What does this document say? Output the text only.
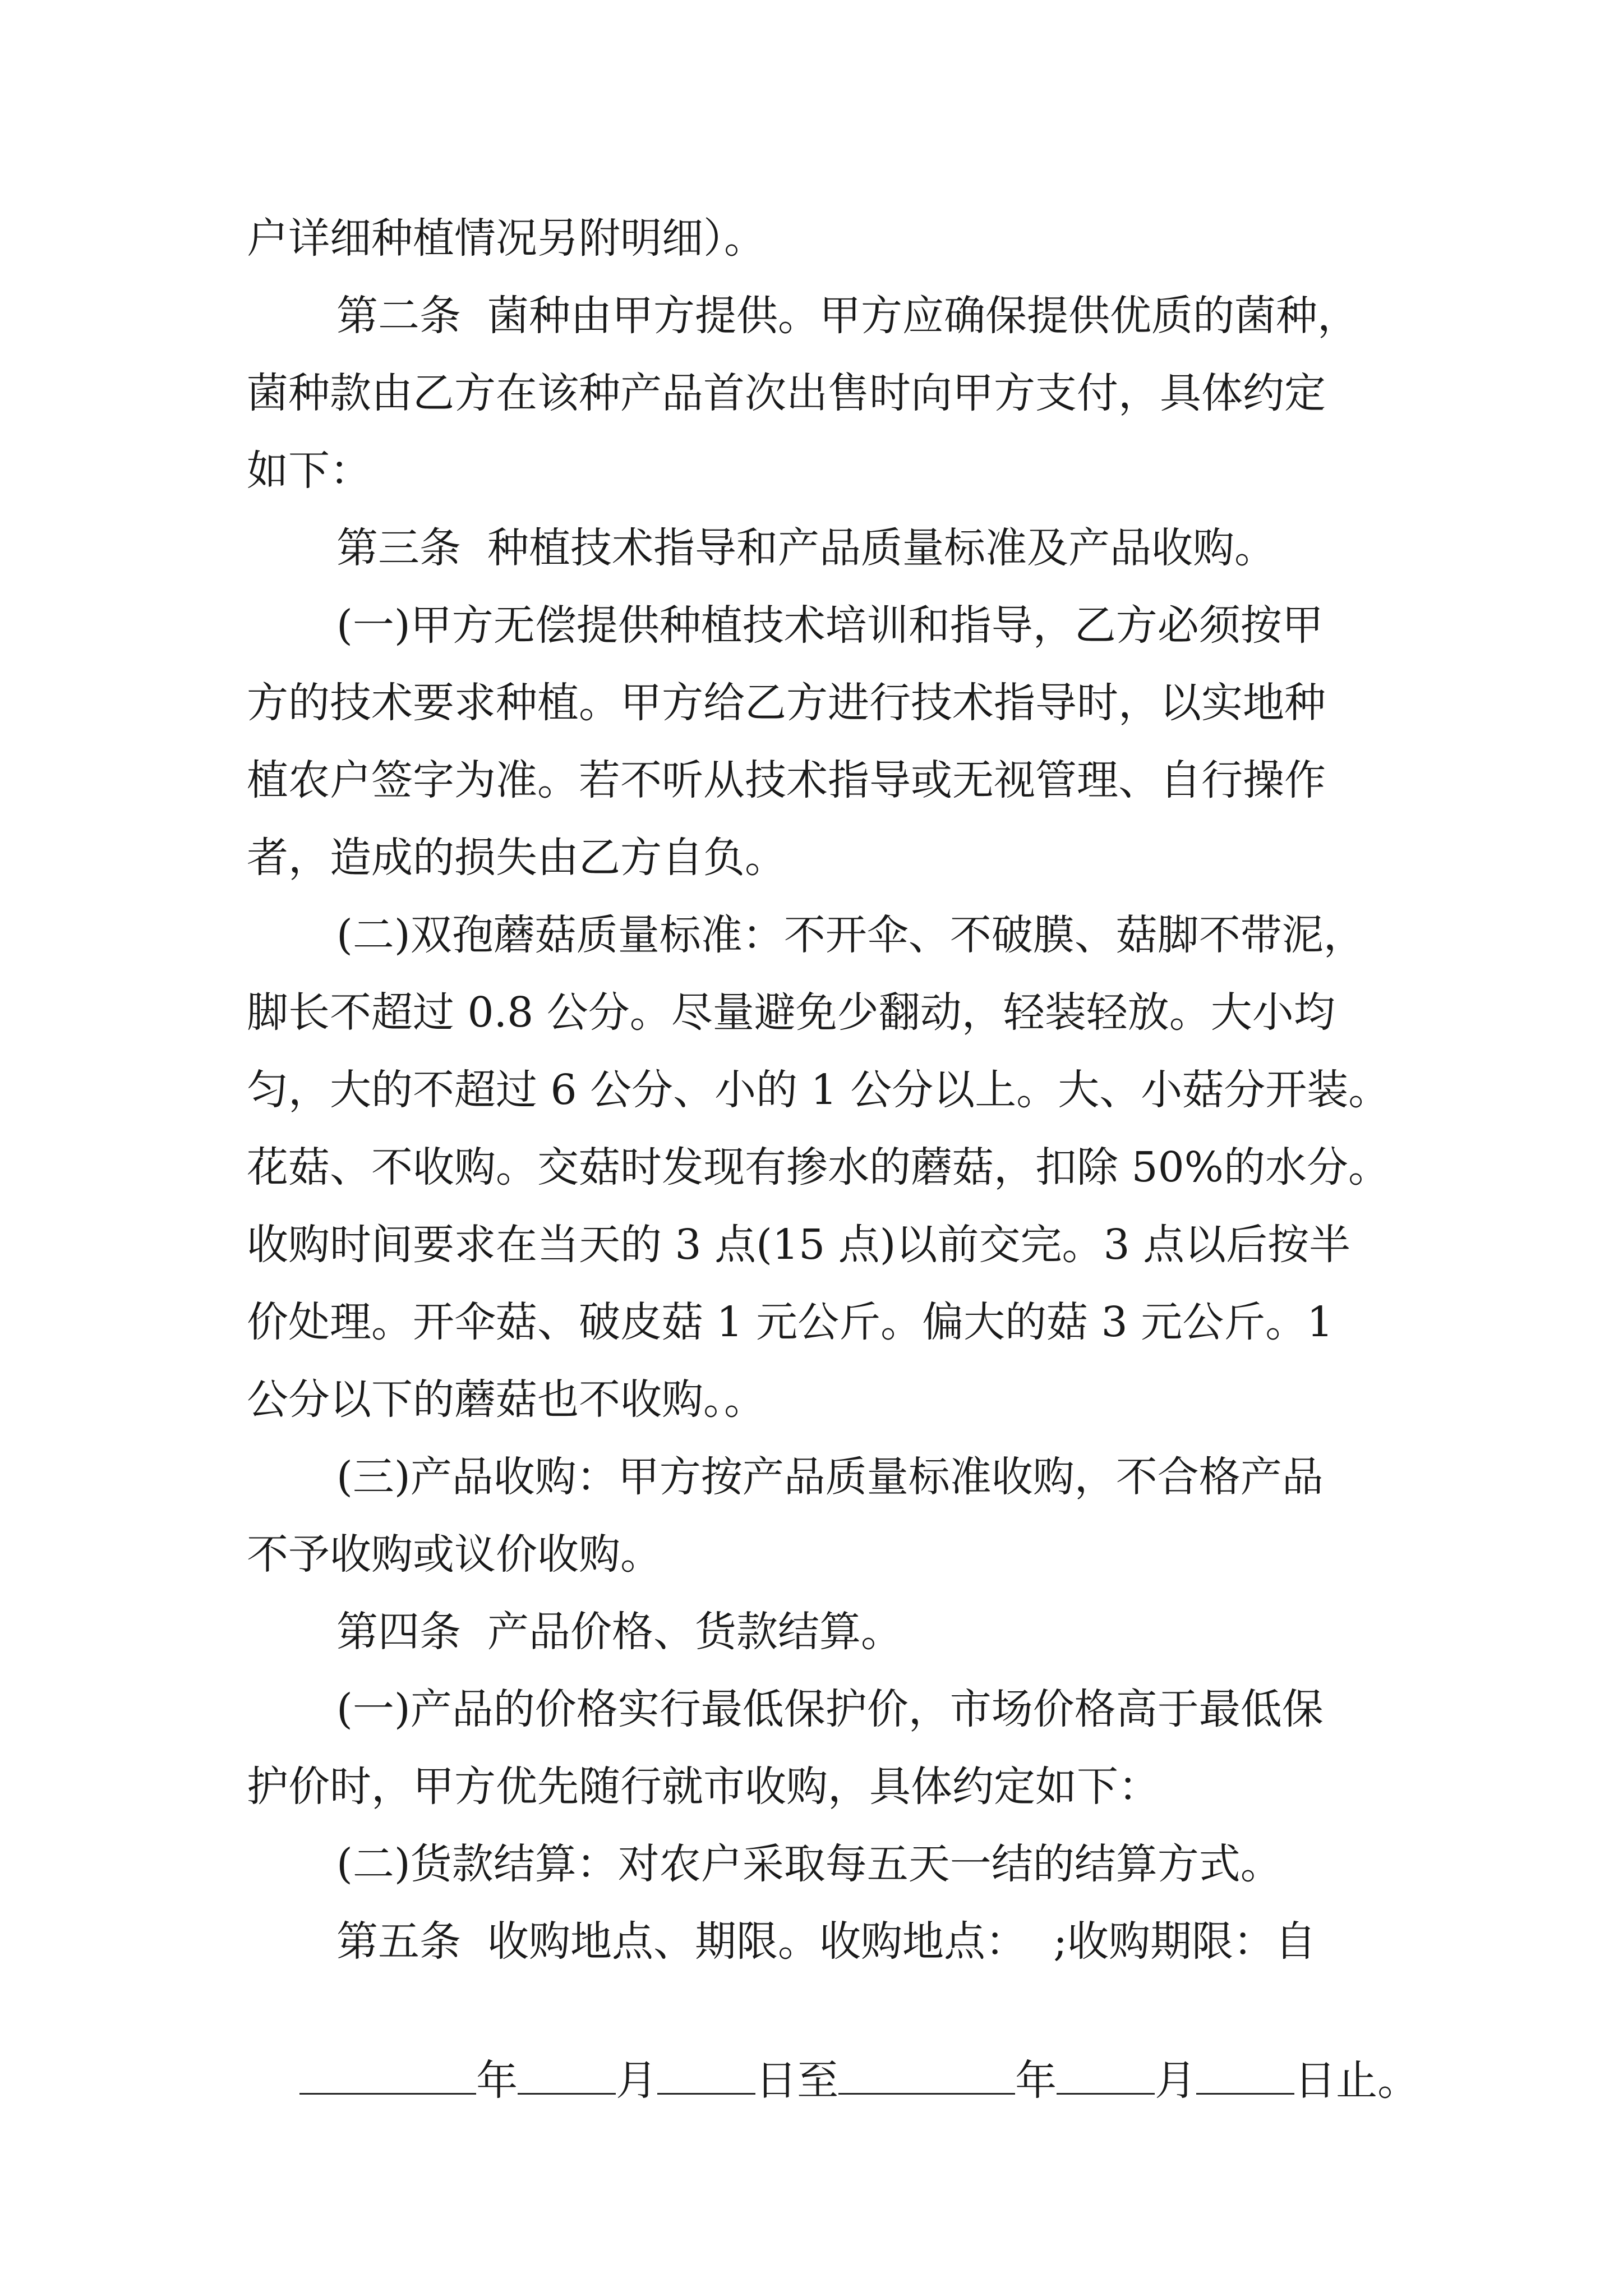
户详细种植情况另附明细）。
第二条  菌种由甲方提供。甲方应确保提供优质的菌种，
菌种款由乙方在该种产品首次出售时向甲方支付，具体约定
如下：
第三条  种植技术指导和产品质量标准及产品收购。
(一)甲方无偿提供种植技术培训和指导，乙方必须按甲
方的技术要求种植。甲方给乙方进行技术指导时，以实地种
植农户签字为准。若不听从技术指导或无视管理、自行操作
者，造成的损失由乙方自负。
(二)双孢蘑菇质量标准：不开伞、不破膜、菇脚不带泥，
脚长不超过 0.8 公分。尽量避免少翻动，轻装轻放。大小均
匀，大的不超过 6 公分、小的 1 公分以上。大、小菇分开装。
花菇、不收购。交菇时发现有掺水的蘑菇，扣除 50%的水分。
收购时间要求在当天的 3 点(15 点)以前交完。3 点以后按半
价处理。开伞菇、破皮菇 1 元公斤。偏大的菇 3 元公斤。1
公分以下的蘑菇也不收购。。
(三)产品收购：甲方按产品质量标准收购，不合格产品
不予收购或议价收购。
第四条  产品价格、货款结算。
(一)产品的价格实行最低保护价，市场价格高于最低保
护价时，甲方优先随行就市收购，具体约定如下：
(二)货款结算：对农户采取每五天一结的结算方式。
第五条  收购地点、期限。收购地点：  ;收购期限：自

年 月 日至	年 月 日止。
